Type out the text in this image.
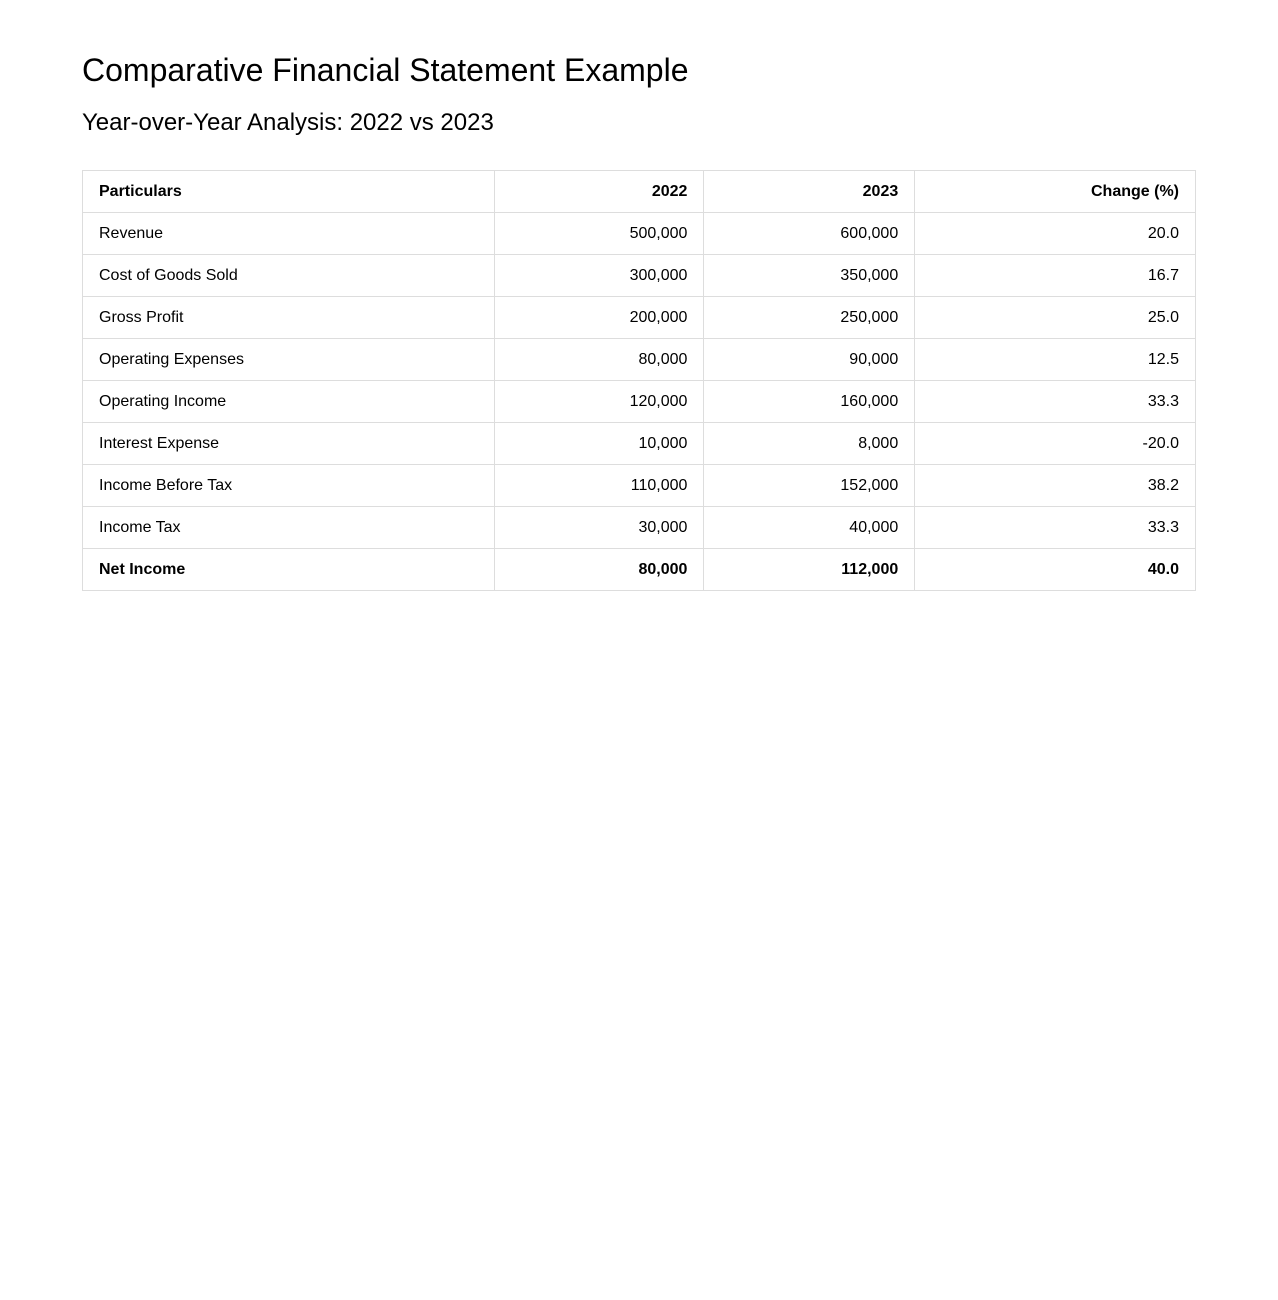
Comparative Financial Statement Example
Year-over-Year Analysis: 2022 vs 2023
Particulars	2022	2023	Change (%)
Revenue	500,000	600,000	20.0
Cost of Goods Sold	300,000	350,000	16.7
Gross Profit	200,000	250,000	25.0
Operating Expenses	80,000	90,000	12.5
Operating Income	120,000	160,000	33.3
Interest Expense	10,000	8,000	-20.0
Income Before Tax	110,000	152,000	38.2
Income Tax	30,000	40,000	33.3
Net Income	80,000	112,000	40.0
